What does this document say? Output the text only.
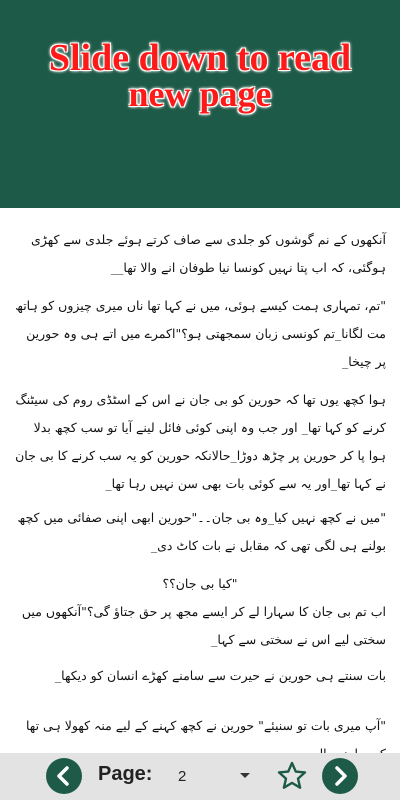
Slide down to read
new page

آنکھوں کے نم گوشوں کو جلدی سے صاف کرتے ہوئے جلدی سے کھڑی ہوگئی، کہ اب پتا نہیں کونسا نیا طوفان انے والا تھا__

"تم، تمہاری ہمت کیسے ہوئی، میں نے کہا تھا ناں میری چیزوں کو ہاتھ مت لگانا_تم کونسی زبان سمجھتی ہو؟"اکمرے میں اتے ہی وہ حورین پر چیخا_

ہوا کچھ یوں تھا کہ حورین کو بی جان نے اس کے اسٹڈی روم کی سیٹنگ کرنے کو کہا تھا_ اور جب وہ اپنی کوئی فائل لینے آیا تو سب کچھ بدلا ہوا پا کر حورین پر چڑھ دوڑا_حالانکہ حورین کو یہ سب کرنے کا بی جان نے کہا تھا_اور یہ سے کوئی بات بھی سن نہیں رہا تھا_

"میں نے کچھ نہیں کیا_وہ بی جان۔۔"حورین ابھی اپنی صفائی میں کچھ بولنے ہی لگی تھی کہ مقابل نے بات کاٹ دی_

"کیا بی جان؟؟

اب تم بی جان کا سہارا لے کر ایسے مجھ پر حق جتاؤ گی؟"آنکھوں میں سختی لیے اس نے سختی سے کہا_

بات سنتے ہی حورین نے حیرت سے سامنے کھڑے انسان کو دیکھا_

"آپ میری بات تو سنیئے" حورین نے کچھ کہنے کے لیے منہ کھولا ہی تھا

Page: 2
